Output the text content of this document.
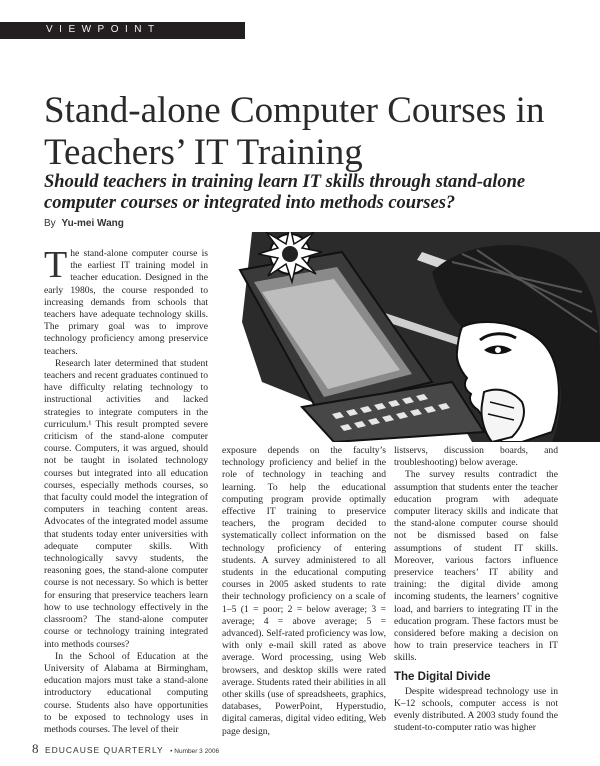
VIEWPOINT
Stand-alone Computer Courses in Teachers’ IT Training
Should teachers in training learn IT skills through stand-alone computer courses or integrated into methods courses?
By Yu-mei Wang

The stand-alone computer course is the earliest IT training model in teacher education. Designed in the early 1980s, the course responded to increasing demands from schools that teachers have adequate technology skills. The primary goal was to improve technology proficiency among preservice teachers.

Research later determined that student teachers and recent graduates continued to have difficulty relating technology to instructional activities and lacked strategies to integrate computers in the curriculum.¹ This result prompted severe criticism of the stand-alone computer course. Computers, it was argued, should not be taught in isolated technology courses but integrated into all education courses, especially methods courses, so that faculty could model the integration of computers in teaching content areas. Advocates of the integrated model assume that students today enter universities with adequate computer skills. With technologically savvy students, the reasoning goes, the stand-alone computer course is not necessary. So which is better for ensuring that preservice teachers learn how to use technology effectively in the classroom? The stand-alone computer course or technology training integrated into methods courses?

In the School of Education at the University of Alabama at Birmingham, education majors must take a stand-alone introductory educational computing course. Students also have opportunities to be exposed to technology uses in methods courses. The level of their

exposure depends on the faculty’s technology proficiency and belief in the role of technology in teaching and learning. To help the educational computing program provide optimally effective IT training to preservice teachers, the program decided to systematically collect information on the technology proficiency of entering students. A survey administered to all students in the educational computing courses in 2005 asked students to rate their technology proficiency on a scale of 1–5 (1 = poor; 2 = below average; 3 = average; 4 = above average; 5 = advanced). Self-rated proficiency was low, with only e-mail skill rated as above average. Word processing, using Web browsers, and desktop skills were rated average. Students rated their abilities in all other skills (use of spreadsheets, graphics, databases, PowerPoint, Hyperstudio, digital cameras, digital video editing, Web page design,

listservs, discussion boards, and troubleshooting) below average.

The survey results contradict the assumption that students enter the teacher education program with adequate computer literacy skills and indicate that the stand-alone computer course should not be dismissed based on false assumptions of student IT skills. Moreover, various factors influence preservice teachers’ IT ability and training: the digital divide among incoming students, the learners’ cognitive load, and barriers to integrating IT in the education program. These factors must be considered before making a decision on how to train preservice teachers in IT skills.

The Digital Divide

Despite widespread technology use in K–12 schools, computer access is not evenly distributed. A 2003 study found the student-to-computer ratio was higher

8 EDUCAUSE QUARTERLY • Number 3 2006
